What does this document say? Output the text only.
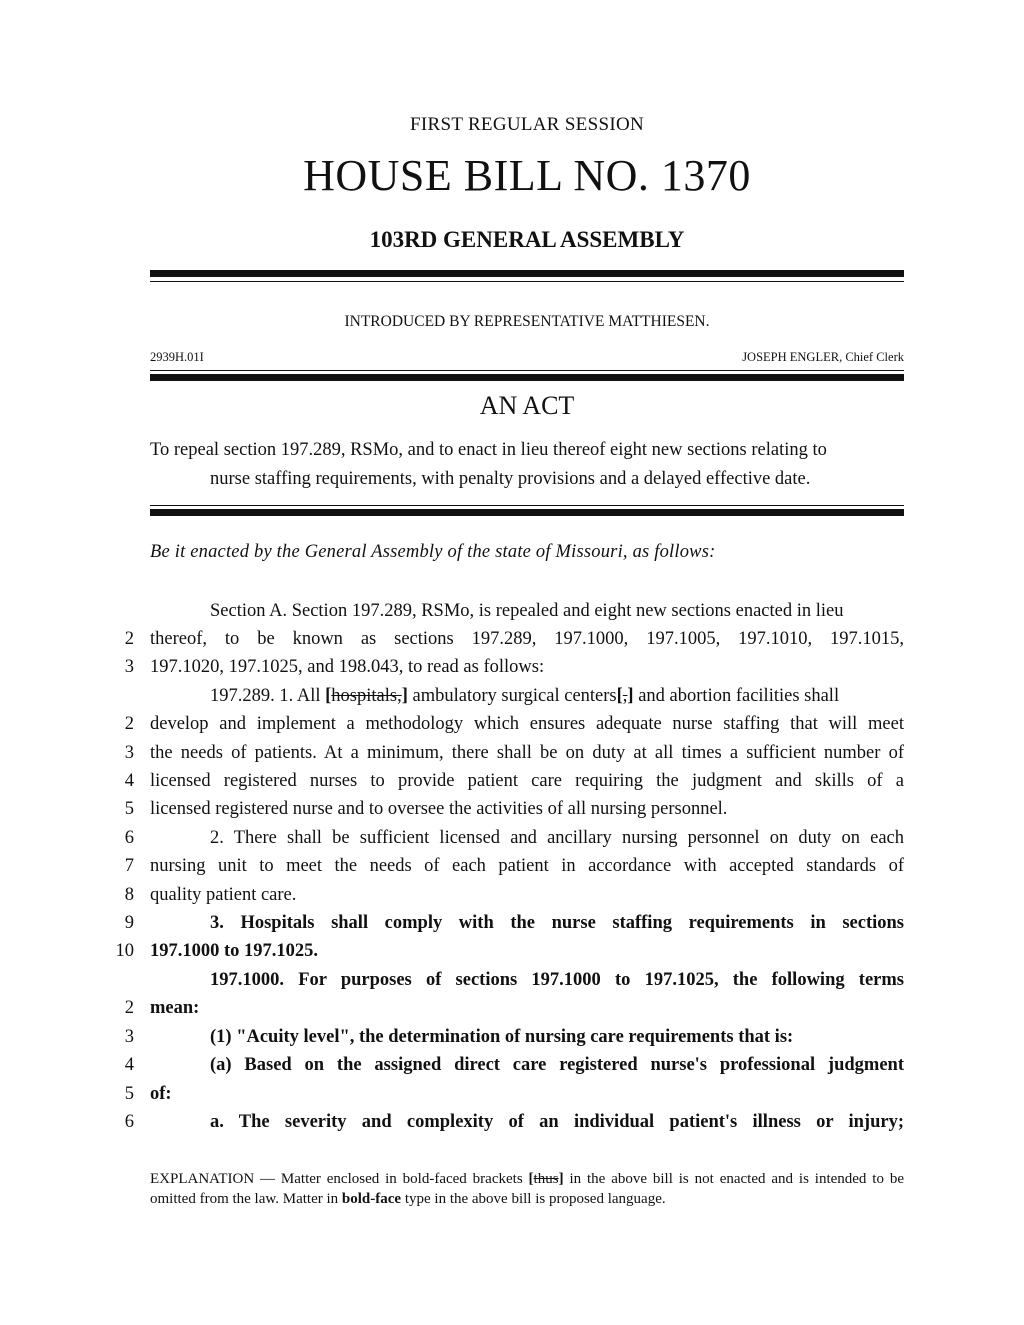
FIRST REGULAR SESSION
HOUSE BILL NO. 1370
103RD GENERAL ASSEMBLY
INTRODUCED BY REPRESENTATIVE MATTHIESEN.
2939H.01I	JOSEPH ENGLER, Chief Clerk
AN ACT
To repeal section 197.289, RSMo, and to enact in lieu thereof eight new sections relating to
nurse staffing requirements, with penalty provisions and a delayed effective date.
Be it enacted by the General Assembly of the state of Missouri, as follows:
Section A. Section 197.289, RSMo, is repealed and eight new sections enacted in lieu
2 thereof, to be known as sections 197.289, 197.1000, 197.1005, 197.1010, 197.1015,
3 197.1020, 197.1025, and 198.043, to read as follows:
197.289. 1. All [hospitals,] ambulatory surgical centers[,] and abortion facilities shall
2 develop and implement a methodology which ensures adequate nurse staffing that will meet
3 the needs of patients. At a minimum, there shall be on duty at all times a sufficient number of
4 licensed registered nurses to provide patient care requiring the judgment and skills of a
5 licensed registered nurse and to oversee the activities of all nursing personnel.
6	2. There shall be sufficient licensed and ancillary nursing personnel on duty on each
7 nursing unit to meet the needs of each patient in accordance with accepted standards of
8 quality patient care.
9	3. Hospitals shall comply with the nurse staffing requirements in sections
10 197.1000 to 197.1025.
197.1000. For purposes of sections 197.1000 to 197.1025, the following terms
2 mean:
3	(1) "Acuity level", the determination of nursing care requirements that is:
4	(a) Based on the assigned direct care registered nurse's professional judgment
5 of:
6	a. The severity and complexity of an individual patient's illness or injury;
EXPLANATION — Matter enclosed in bold-faced brackets [thus] in the above bill is not enacted and is intended to be omitted from the law. Matter in bold-face type in the above bill is proposed language.
